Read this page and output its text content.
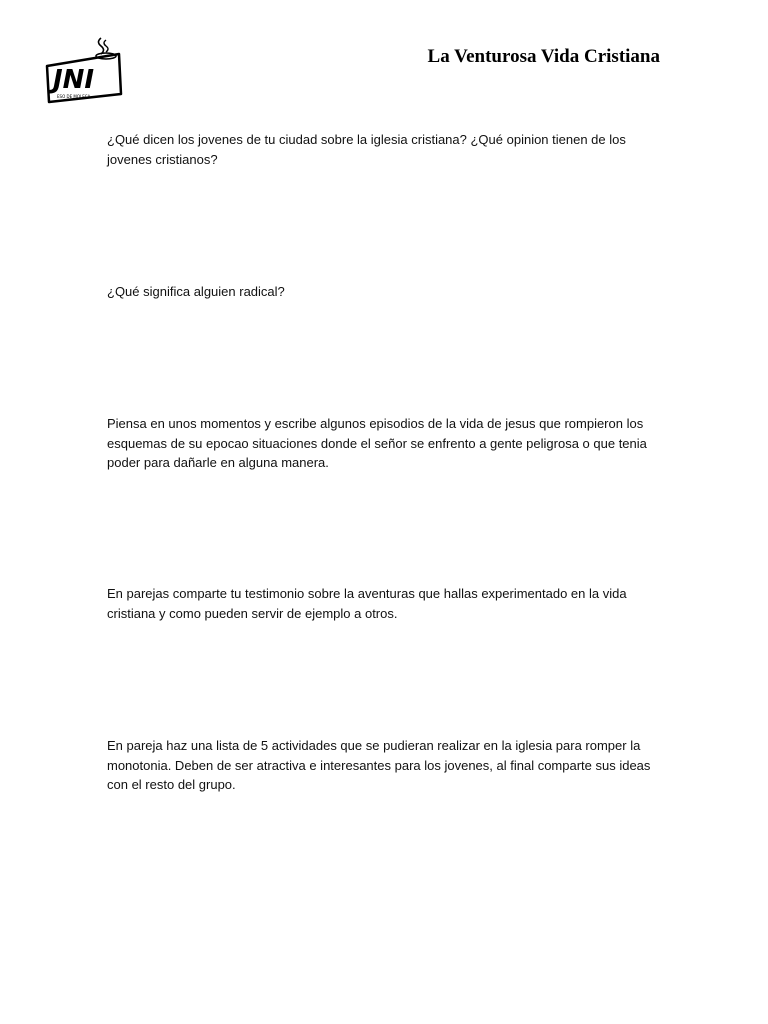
JNI
ESO DE MOLECA
La Venturosa Vida Cristiana

¿Qué dicen los jovenes de tu ciudad sobre la iglesia cristiana? ¿Qué opinion tienen de los jovenes cristianos?

¿Qué significa alguien radical?

Piensa en unos momentos y escribe algunos episodios de la vida de jesus que rompieron los esquemas de su epocao situaciones donde el señor se enfrento a gente peligrosa o que tenia poder para dañarle en alguna manera.

En parejas comparte tu testimonio sobre la aventuras que hallas experimentado en la vida cristiana y como pueden servir de ejemplo a otros.

En pareja haz una lista de 5 actividades que se pudieran realizar en la iglesia para romper la monotonia. Deben de ser atractiva e interesantes para los jovenes, al final comparte sus ideas con el resto del grupo.
